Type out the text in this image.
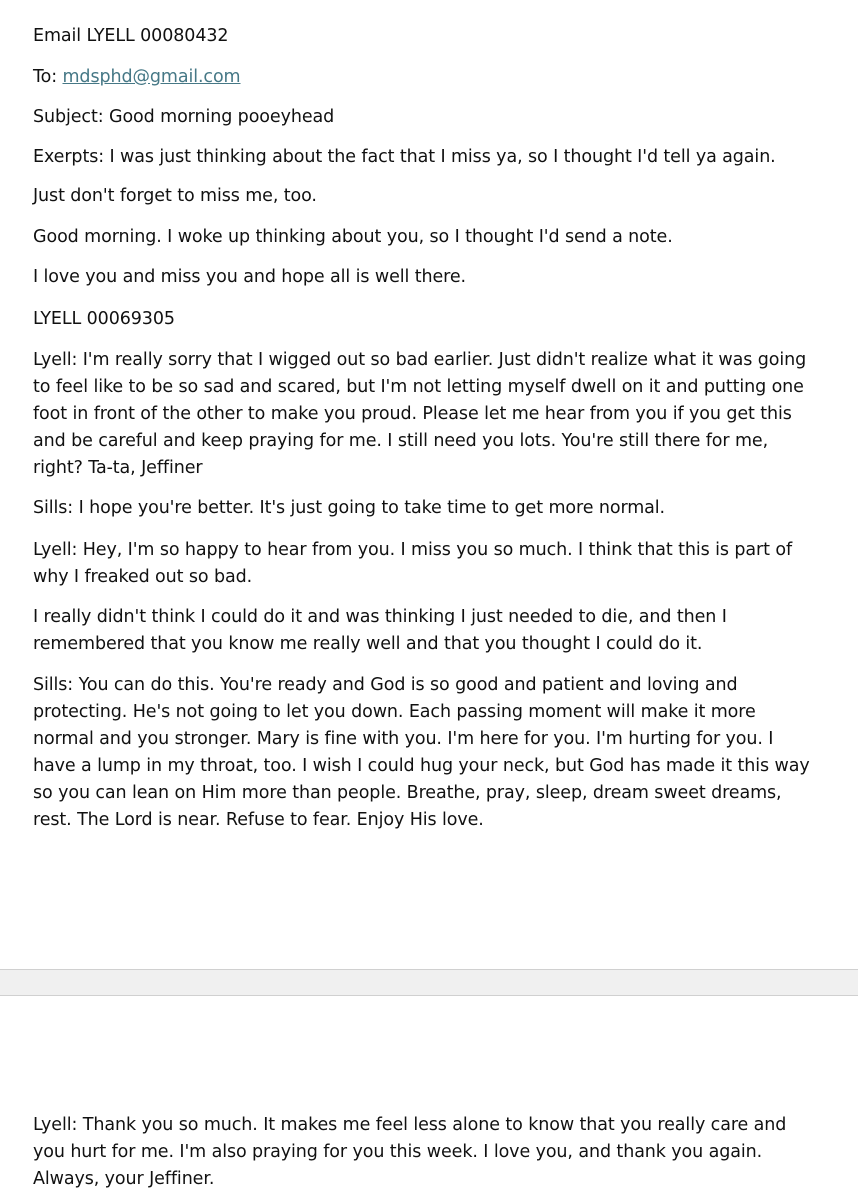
Email LYELL 00080432

To: mdsphd@gmail.com

Subject: Good morning pooeyhead

Exerpts: I was just thinking about the fact that I miss ya, so I thought I'd tell ya again.

Just don't forget to miss me, too.

Good morning. I woke up thinking about you, so I thought I'd send a note.

I love you and miss you and hope all is well there.

LYELL 00069305

Lyell: I'm really sorry that I wigged out so bad earlier. Just didn't realize what it was going to feel like to be so sad and scared, but I'm not letting myself dwell on it and putting one foot in front of the other to make you proud. Please let me hear from you if you get this and be careful and keep praying for me. I still need you lots. You're still there for me, right? Ta-ta, Jeffiner

Sills: I hope you're better. It's just going to take time to get more normal.

Lyell: Hey, I'm so happy to hear from you. I miss you so much. I think that this is part of why I freaked out so bad.

I really didn't think I could do it and was thinking I just needed to die, and then I remembered that you know me really well and that you thought I could do it.

Sills: You can do this. You're ready and God is so good and patient and loving and protecting. He's not going to let you down. Each passing moment will make it more normal and you stronger. Mary is fine with you. I'm here for you. I'm hurting for you. I have a lump in my throat, too. I wish I could hug your neck, but God has made it this way so you can lean on Him more than people. Breathe, pray, sleep, dream sweet dreams, rest. The Lord is near. Refuse to fear. Enjoy His love.

Lyell: Thank you so much. It makes me feel less alone to know that you really care and you hurt for me. I'm also praying for you this week. I love you, and thank you again. Always, your Jeffiner.
